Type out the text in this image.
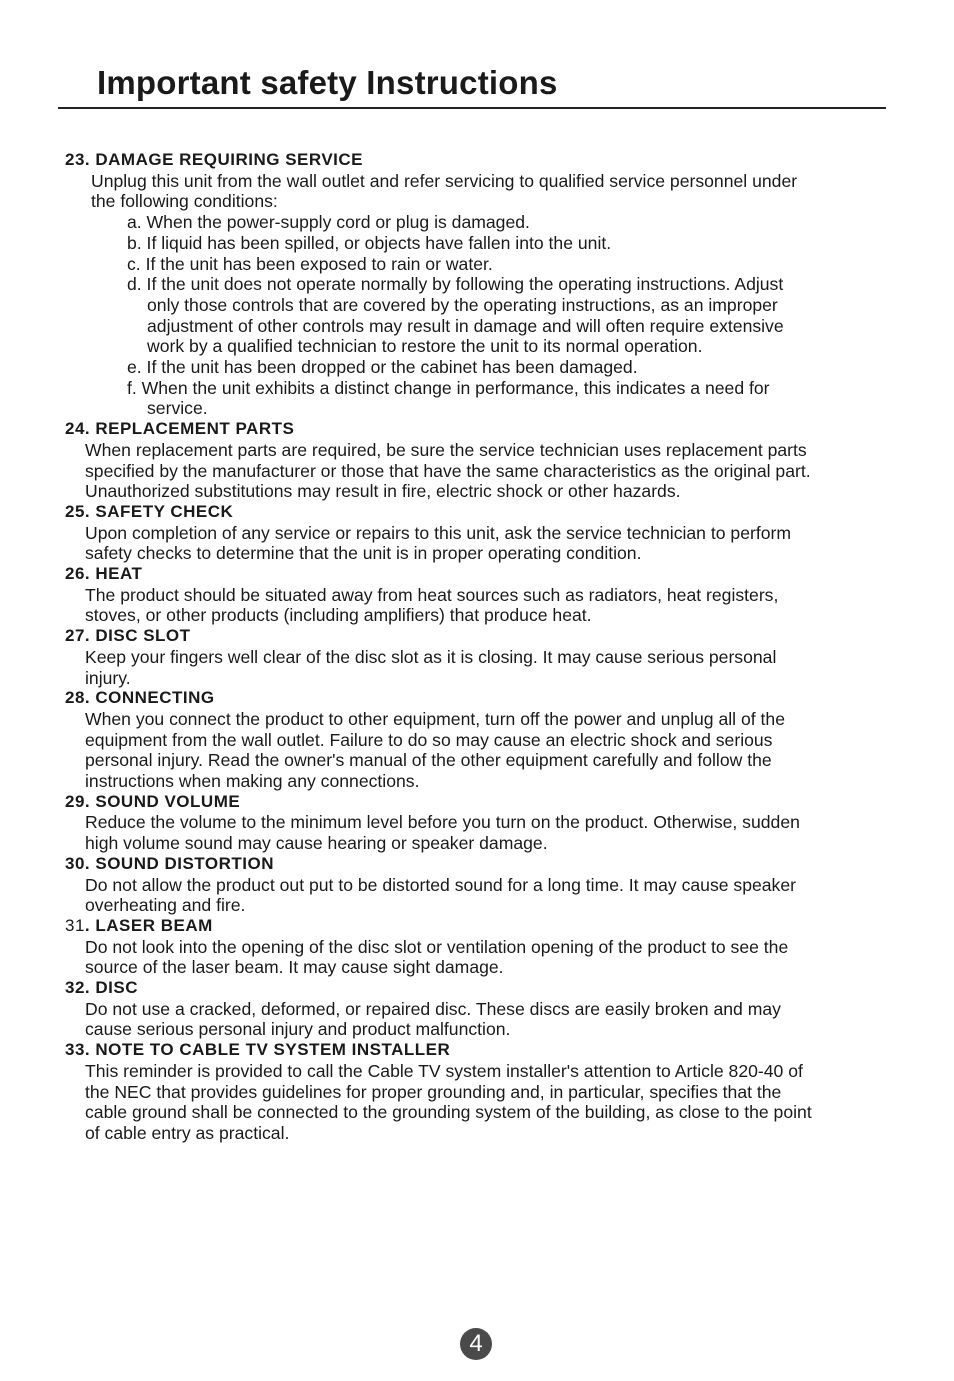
Important safety Instructions
23. DAMAGE REQUIRING SERVICE
Unplug this unit from the wall outlet and refer servicing to qualified service personnel under
the following conditions:
a. When the power-supply cord or plug is damaged.
b. If liquid has been spilled, or objects have fallen into the unit.
c. If the unit has been exposed to rain or water.
d. If the unit does not operate normally by following the operating instructions. Adjust
only those controls that are covered by the operating instructions, as an improper
adjustment of other controls may result in damage and will often require extensive
work by a qualified technician to restore the unit to its normal operation.
e. If the unit has been dropped or the cabinet has been damaged.
f. When the unit exhibits a distinct change in performance, this indicates a need for
service.
24. REPLACEMENT PARTS
When replacement parts are required, be sure the service technician uses replacement parts
specified by the manufacturer or those that have the same characteristics as the original part.
Unauthorized substitutions may result in fire, electric shock or other hazards.
25. SAFETY CHECK
Upon completion of any service or repairs to this unit, ask the service technician to perform
safety checks to determine that the unit is in proper operating condition.
26. HEAT
The product should be situated away from heat sources such as radiators, heat registers,
stoves, or other products (including amplifiers) that produce heat.
27. DISC SLOT
Keep your fingers well clear of the disc slot as it is closing. It may cause serious personal
injury.
28. CONNECTING
When you connect the product to other equipment, turn off the power and unplug all of the
equipment from the wall outlet. Failure to do so may cause an electric shock and serious
personal injury. Read the owner's manual of the other equipment carefully and follow the
instructions when making any connections.
29. SOUND VOLUME
Reduce the volume to the minimum level before you turn on the product. Otherwise, sudden
high volume sound may cause hearing or speaker damage.
30. SOUND DISTORTION
Do not allow the product out put to be distorted sound for a long time. It may cause speaker
overheating and fire.
31. LASER BEAM
Do not look into the opening of the disc slot or ventilation opening of the product to see the
source of the laser beam. It may cause sight damage.
32. DISC
Do not use a cracked, deformed, or repaired disc. These discs are easily broken and may
cause serious personal injury and product malfunction.
33. NOTE TO CABLE TV SYSTEM INSTALLER
This reminder is provided to call the Cable TV system installer's attention to Article 820-40 of
the NEC that provides guidelines for proper grounding and, in particular, specifies that the
cable ground shall be connected to the grounding system of the building, as close to the point
of cable entry as practical.
4
